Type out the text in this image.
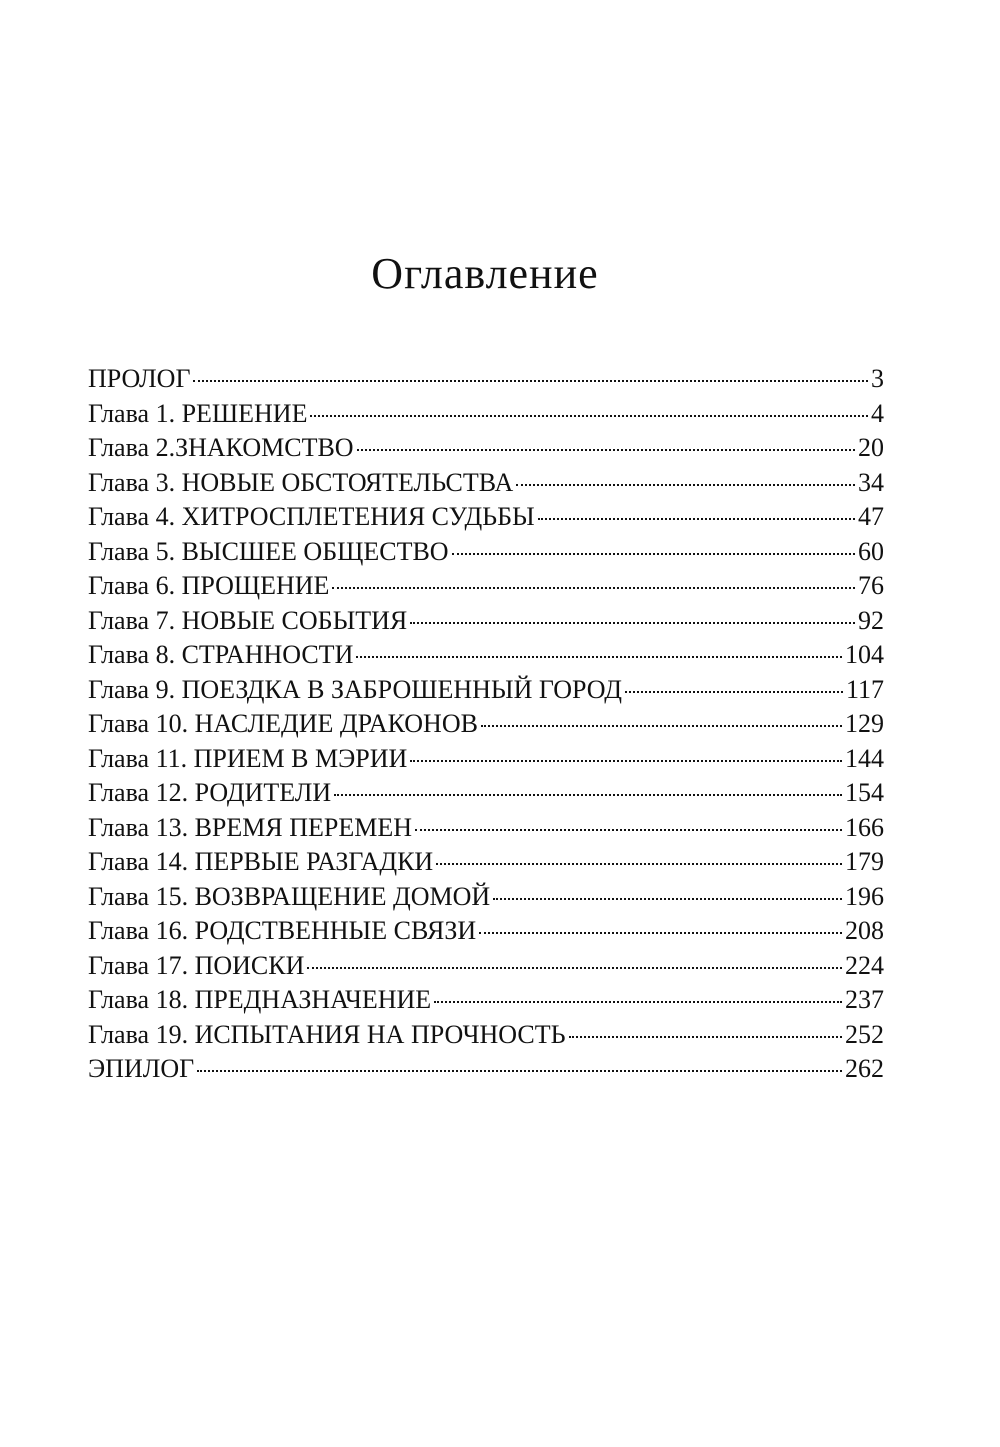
Оглавление
ПРОЛОГ	3
Глава 1. РЕШЕНИЕ	4
Глава 2.ЗНАКОМСТВО	20
Глава 3. НОВЫЕ ОБСТОЯТЕЛЬСТВА	34
Глава 4. ХИТРОСПЛЕТЕНИЯ СУДЬБЫ	47
Глава 5. ВЫСШЕЕ ОБЩЕСТВО	60
Глава 6. ПРОЩЕНИЕ	76
Глава 7. НОВЫЕ СОБЫТИЯ	92
Глава 8. СТРАННОСТИ	104
Глава 9. ПОЕЗДКА В ЗАБРОШЕННЫЙ ГОРОД	117
Глава 10. НАСЛЕДИЕ ДРАКОНОВ	129
Глава 11. ПРИЕМ В МЭРИИ	144
Глава 12. РОДИТЕЛИ	154
Глава 13. ВРЕМЯ ПЕРЕМЕН	166
Глава 14. ПЕРВЫЕ РАЗГАДКИ	179
Глава 15. ВОЗВРАЩЕНИЕ ДОМОЙ	196
Глава 16. РОДСТВЕННЫЕ СВЯЗИ	208
Глава 17. ПОИСКИ	224
Глава 18. ПРЕДНАЗНАЧЕНИЕ	237
Глава 19. ИСПЫТАНИЯ НА ПРОЧНОСТЬ	252
ЭПИЛОГ	262
